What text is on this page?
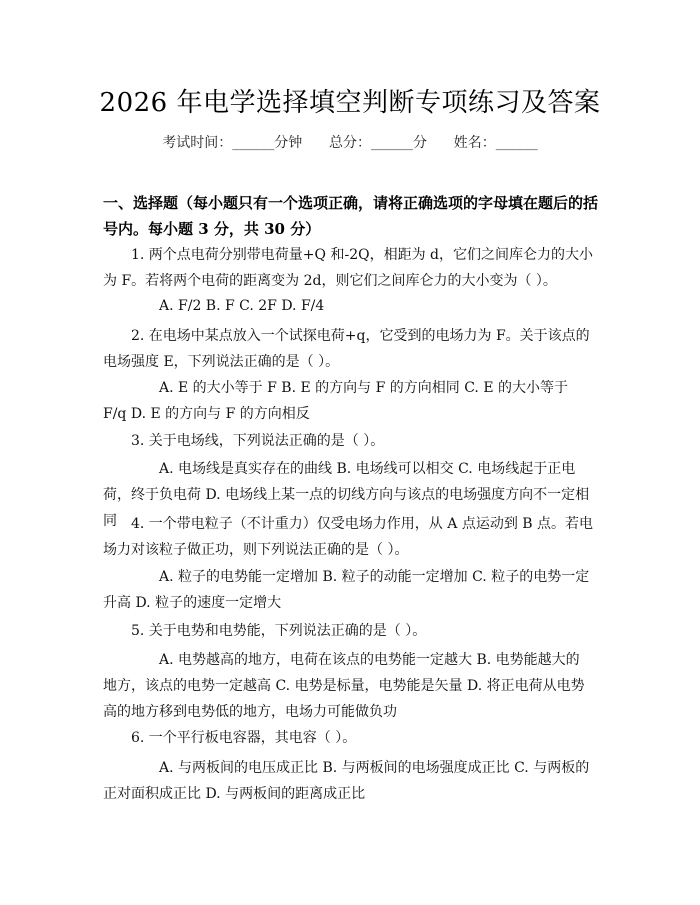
2026 年电学选择填空判断专项练习及答案
考试时间：______分钟      总分：______分      姓名：______
一、选择题（每小题只有一个选项正确，请将正确选项的字母填在题后的括号内。每小题 3 分，共 30 分）
1. 两个点电荷分别带电荷量+Q 和-2Q，相距为 d，它们之间库仑力的大小为 F。若将两个电荷的距离变为 2d，则它们之间库仑力的大小变为（ ）。
A. F/2 B. F C. 2F D. F/4
2. 在电场中某点放入一个试探电荷+q，它受到的电场力为 F。关于该点的电场强度 E，下列说法正确的是（ ）。
A. E 的大小等于 F B. E 的方向与 F 的方向相同 C. E 的大小等于 F/q D. E 的方向与 F 的方向相反
3. 关于电场线，下列说法正确的是（ ）。
A. 电场线是真实存在的曲线 B. 电场线可以相交 C. 电场线起于正电荷，终于负电荷 D. 电场线上某一点的切线方向与该点的电场强度方向不一定相同	4. 一个带电粒子（不计重力）仅受电场力作用，从 A 点运动到 B 点。若电场力对该粒子做正功，则下列说法正确的是（ ）。
A. 粒子的电势能一定增加 B. 粒子的动能一定增加 C. 粒子的电势一定升高 D. 粒子的速度一定增大
5. 关于电势和电势能，下列说法正确的是（ ）。
A. 电势越高的地方，电荷在该点的电势能一定越大 B. 电势能越大的地方，该点的电势一定越高 C. 电势是标量，电势能是矢量 D. 将正电荷从电势高的地方移到电势低的地方，电场力可能做负功
6. 一个平行板电容器，其电容（ ）。
A. 与两板间的电压成正比 B. 与两板间的电场强度成正比 C. 与两板的正对面积成正比 D. 与两板间的距离成正比
